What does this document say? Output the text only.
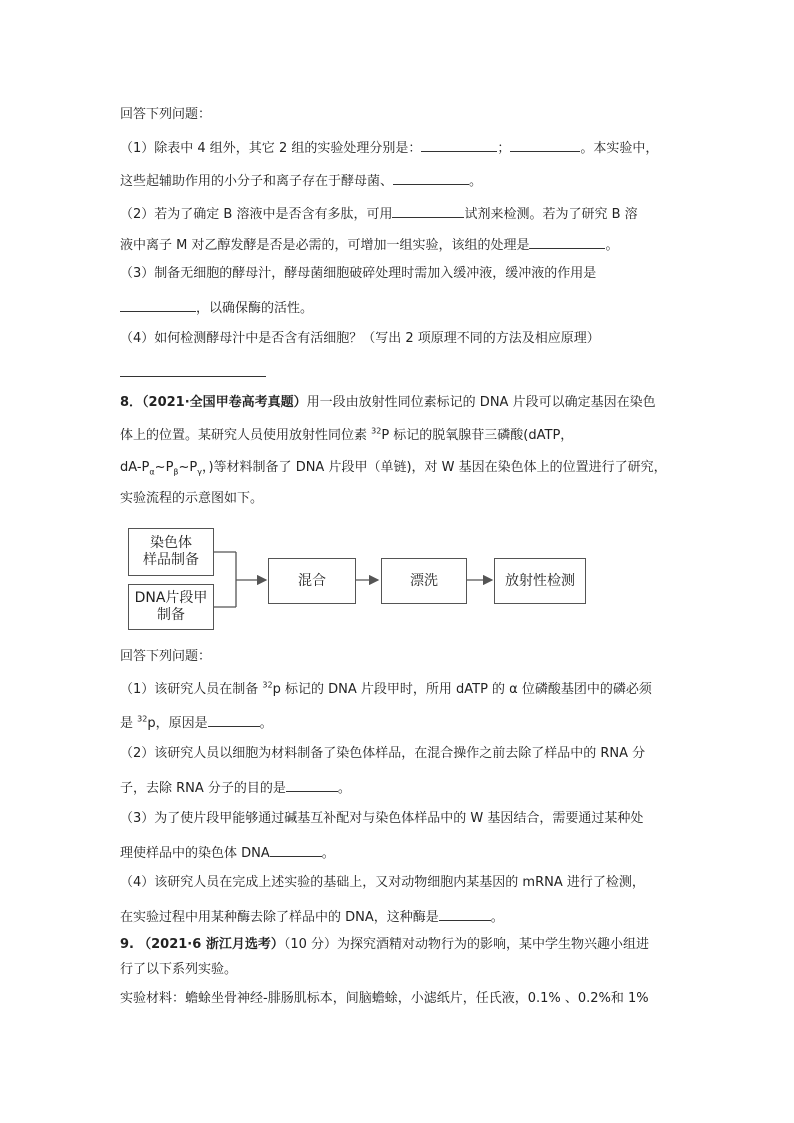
回答下列问题：
（1）除表中 4 组外，其它 2 组的实验处理分别是：	；	。本实验中，
这些起辅助作用的小分子和离子存在于酵母菌、	。
（2）若为了确定 B 溶液中是否含有多肽，可用	试剂来检测。若为了研究 B 溶
液中离子 M 对乙醇发酵是否是必需的，可增加一组实验，该组的处理是	。
（3）制备无细胞的酵母汁，酵母菌细胞破碎处理时需加入缓冲液，缓冲液的作用是
，以确保酶的活性。
（4）如何检测酵母汁中是否含有活细胞？（写出 2 项原理不同的方法及相应原理）
8．（2021·全国甲卷高考真题）用一段由放射性同位素标记的 DNA 片段可以确定基因在染色
体上的位置。某研究人员使用放射性同位素 $^{32}$P 标记的脱氧腺苷三磷酸(dATP，
$dA-P_\alpha\sim P_\beta\sim P_\gamma$，)等材料制备了 DNA 片段甲（单链)，对 W 基因在染色体上的位置进行了研究，
实验流程的示意图如下。
染色体
样品制备
DNA片段甲
制备
混合	漂洗	放射性检测
回答下列问题：
（1）该研究人员在制备 $^{32}$p 标记的 DNA 片段甲时，所用 dATP 的 α 位磷酸基团中的磷必须
是 $^{32}$p，原因是	。
（2）该研究人员以细胞为材料制备了染色体样品，在混合操作之前去除了样品中的 RNA 分
子，去除 RNA 分子的目的是	。
（3）为了使片段甲能够通过碱基互补配对与染色体样品中的 W 基因结合，需要通过某种处
理使样品中的染色体 DNA	。
（4）该研究人员在完成上述实验的基础上，又对动物细胞内某基因的 mRNA 进行了检测，
在实验过程中用某种酶去除了样品中的 DNA，这种酶是	。
9. （2021·6 浙江月选考）（10 分）为探究酒精对动物行为的影响，某中学生物兴趣小组进
行了以下系列实验。
实验材料：蟾蜍坐骨神经-腓肠肌标本，间脑蟾蜍，小滤纸片，任氏液，0.1% 、0.2%和 1%
